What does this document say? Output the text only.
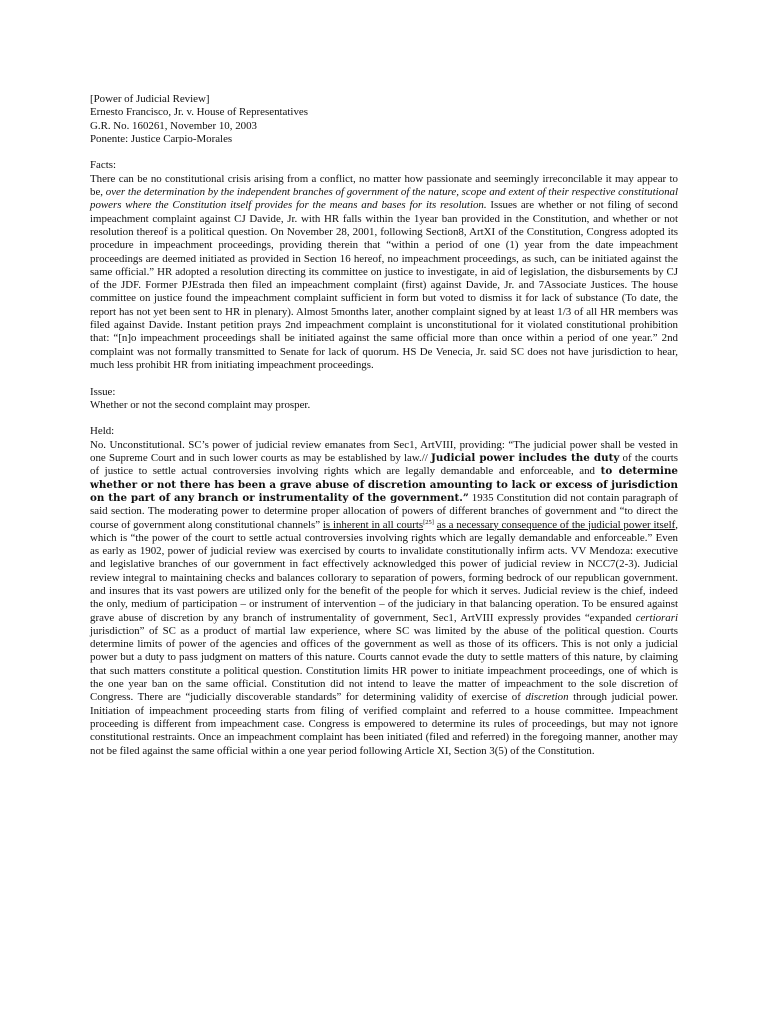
[Power of Judicial Review]
Ernesto Francisco, Jr. v. House of Representatives
G.R. No. 160261, November 10, 2003
Ponente: Justice Carpio-Morales
Facts:

There can be no constitutional crisis arising from a conflict, no matter how passionate and seemingly irreconcilable it may appear to be, over the determination by the independent branches of government of the nature, scope and extent of their respective constitutional powers where the Constitution itself provides for the means and bases for its resolution. Issues are whether or not filing of second impeachment complaint against CJ Davide, Jr. with HR falls within the 1year ban provided in the Constitution, and whether or not resolution thereof is a political question. On November 28, 2001, following Section8, ArtXI of the Constitution, Congress adopted its procedure in impeachment proceedings, providing therein that “within a period of one (1) year from the date impeachment proceedings are deemed initiated as provided in Section 16 hereof, no impeachment proceedings, as such, can be initiated against the same official.” HR adopted a resolution directing its committee on justice to investigate, in aid of legislation, the disbursements by CJ of the JDF. Former PJEstrada then filed an impeachment complaint (first) against Davide, Jr. and 7Associate Justices. The house committee on justice found the impeachment complaint sufficient in form but voted to dismiss it for lack of substance (To date, the report has not yet been sent to HR in plenary). Almost 5months later, another complaint signed by at least 1/3 of all HR members was filed against Davide. Instant petition prays 2nd impeachment complaint is unconstitutional for it violated constitutional prohibition that: “[n]o impeachment proceedings shall be initiated against the same official more than once within a period of one year.” 2nd complaint was not formally transmitted to Senate for lack of quorum. HS De Venecia, Jr. said SC does not have jurisdiction to hear, much less prohibit HR from initiating impeachment proceedings.

Issue:

Whether or not the second complaint may prosper.

Held:

No. Unconstitutional. SC’s power of judicial review emanates from Sec1, ArtVIII, providing: “The judicial power shall be vested in one Supreme Court and in such lower courts as may be established by law.// Judicial power includes the duty of the courts of justice to settle actual controversies involving rights which are legally demandable and enforceable, and to determine whether or not there has been a grave abuse of discretion amounting to lack or excess of jurisdiction on the part of any branch or instrumentality of the government.” 1935 Constitution did not contain paragraph of said section. The moderating power to determine proper allocation of powers of different branches of government and “to direct the course of government along constitutional channels” is inherent in all courts[25] as a necessary consequence of the judicial power itself, which is “the power of the court to settle actual controversies involving rights which are legally demandable and enforceable.” Even as early as 1902, power of judicial review was exercised by courts to invalidate constitutionally infirm acts. VV Mendoza: executive and legislative branches of our government in fact effectively acknowledged this power of judicial review in NCC7(2-3). Judicial review integral to maintaining checks and balances collorary to separation of powers, forming bedrock of our republican government. and insures that its vast powers are utilized only for the benefit of the people for which it serves. Judicial review is the chief, indeed the only, medium of participation – or instrument of intervention – of the judiciary in that balancing operation. To be ensured against grave abuse of discretion by any branch of instrumentality of government, Sec1, ArtVIII expressly provides “expanded certiorari jurisdiction” of SC as a product of martial law experience, where SC was limited by the abuse of the political question. Courts determine limits of power of the agencies and offices of the government as well as those of its officers. This is not only a judicial power but a duty to pass judgment on matters of this nature. Courts cannot evade the duty to settle matters of this nature, by claiming that such matters constitute a political question. Constitution limits HR power to initiate impeachment proceedings, one of which is the one year ban on the same official. Constitution did not intend to leave the matter of impeachment to the sole discretion of Congress. There are “judicially discoverable standards” for determining validity of exercise of discretion through judicial power. Initiation of impeachment proceeding starts from filing of verified complaint and referred to a house committee. Impeachment proceeding is different from impeachment case. Congress is empowered to determine its rules of proceedings, but may not ignore constitutional restraints. Once an impeachment complaint has been initiated (filed and referred) in the foregoing manner, another may not be filed against the same official within a one year period following Article XI, Section 3(5) of the Constitution.
